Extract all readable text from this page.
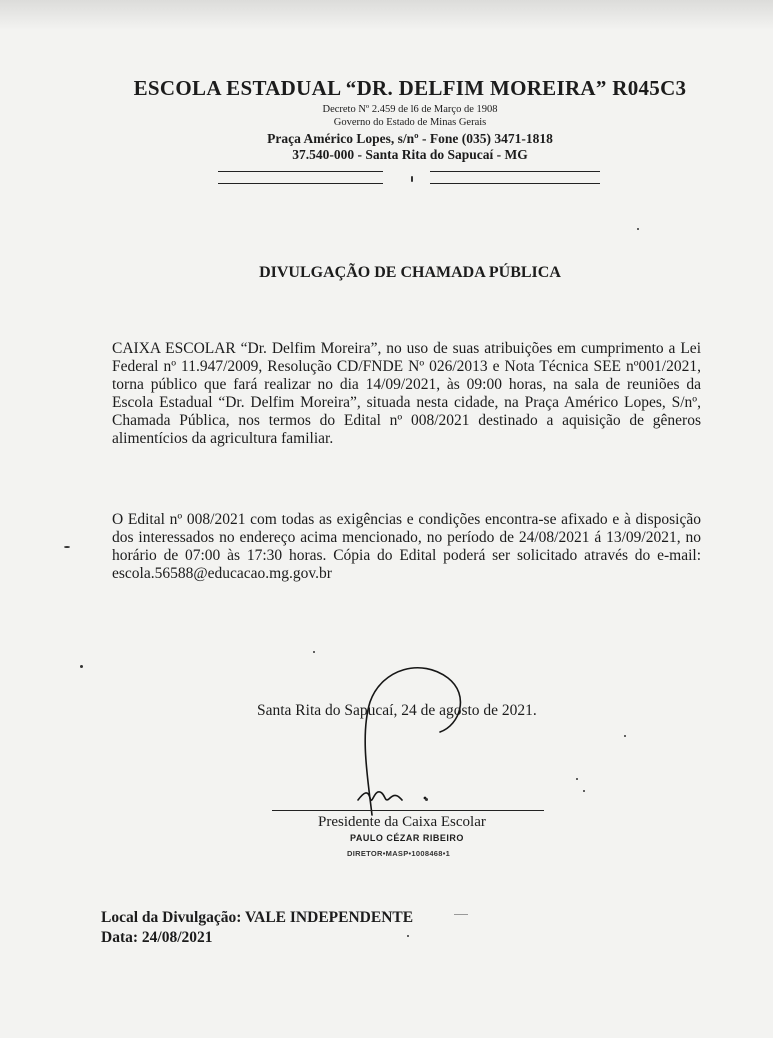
ESCOLA ESTADUAL “DR. DELFIM MOREIRA” R045C3
Decreto Nº 2.459 de l6 de Março de 1908
Governo do Estado de Minas Gerais
Praça Américo Lopes, s/nº - Fone (035) 3471-1818
37.540-000 - Santa Rita do Sapucaí - MG
DIVULGAÇÃO DE CHAMADA PÚBLICA
CAIXA ESCOLAR “Dr. Delfim Moreira”, no uso de suas atribuições em cumprimento a Lei Federal nº 11.947/2009, Resolução CD/FNDE Nº 026/2013 e Nota Técnica SEE nº001/2021, torna público que fará realizar no dia 14/09/2021, às 09:00 horas, na sala de reuniões da Escola Estadual “Dr. Delfim Moreira”, situada nesta cidade, na Praça Américo Lopes, S/nº, Chamada Pública, nos termos do Edital nº 008/2021 destinado a aquisição de gêneros alimentícios da agricultura familiar.
O Edital nº 008/2021 com todas as exigências e condições encontra-se afixado e à disposição dos interessados no endereço acima mencionado, no período de 24/08/2021 á 13/09/2021, no horário de 07:00 às 17:30 horas. Cópia do Edital poderá ser solicitado através do e-mail: escola.56588@educacao.mg.gov.br
Santa Rita do Sapucaí, 24 de agosto de 2021.
Presidente da Caixa Escolar
PAULO CÉZAR RIBEIRO
DIRETOR•MASP•1008468•1
Local da Divulgação: VALE INDEPENDENTE
Data: 24/08/2021
